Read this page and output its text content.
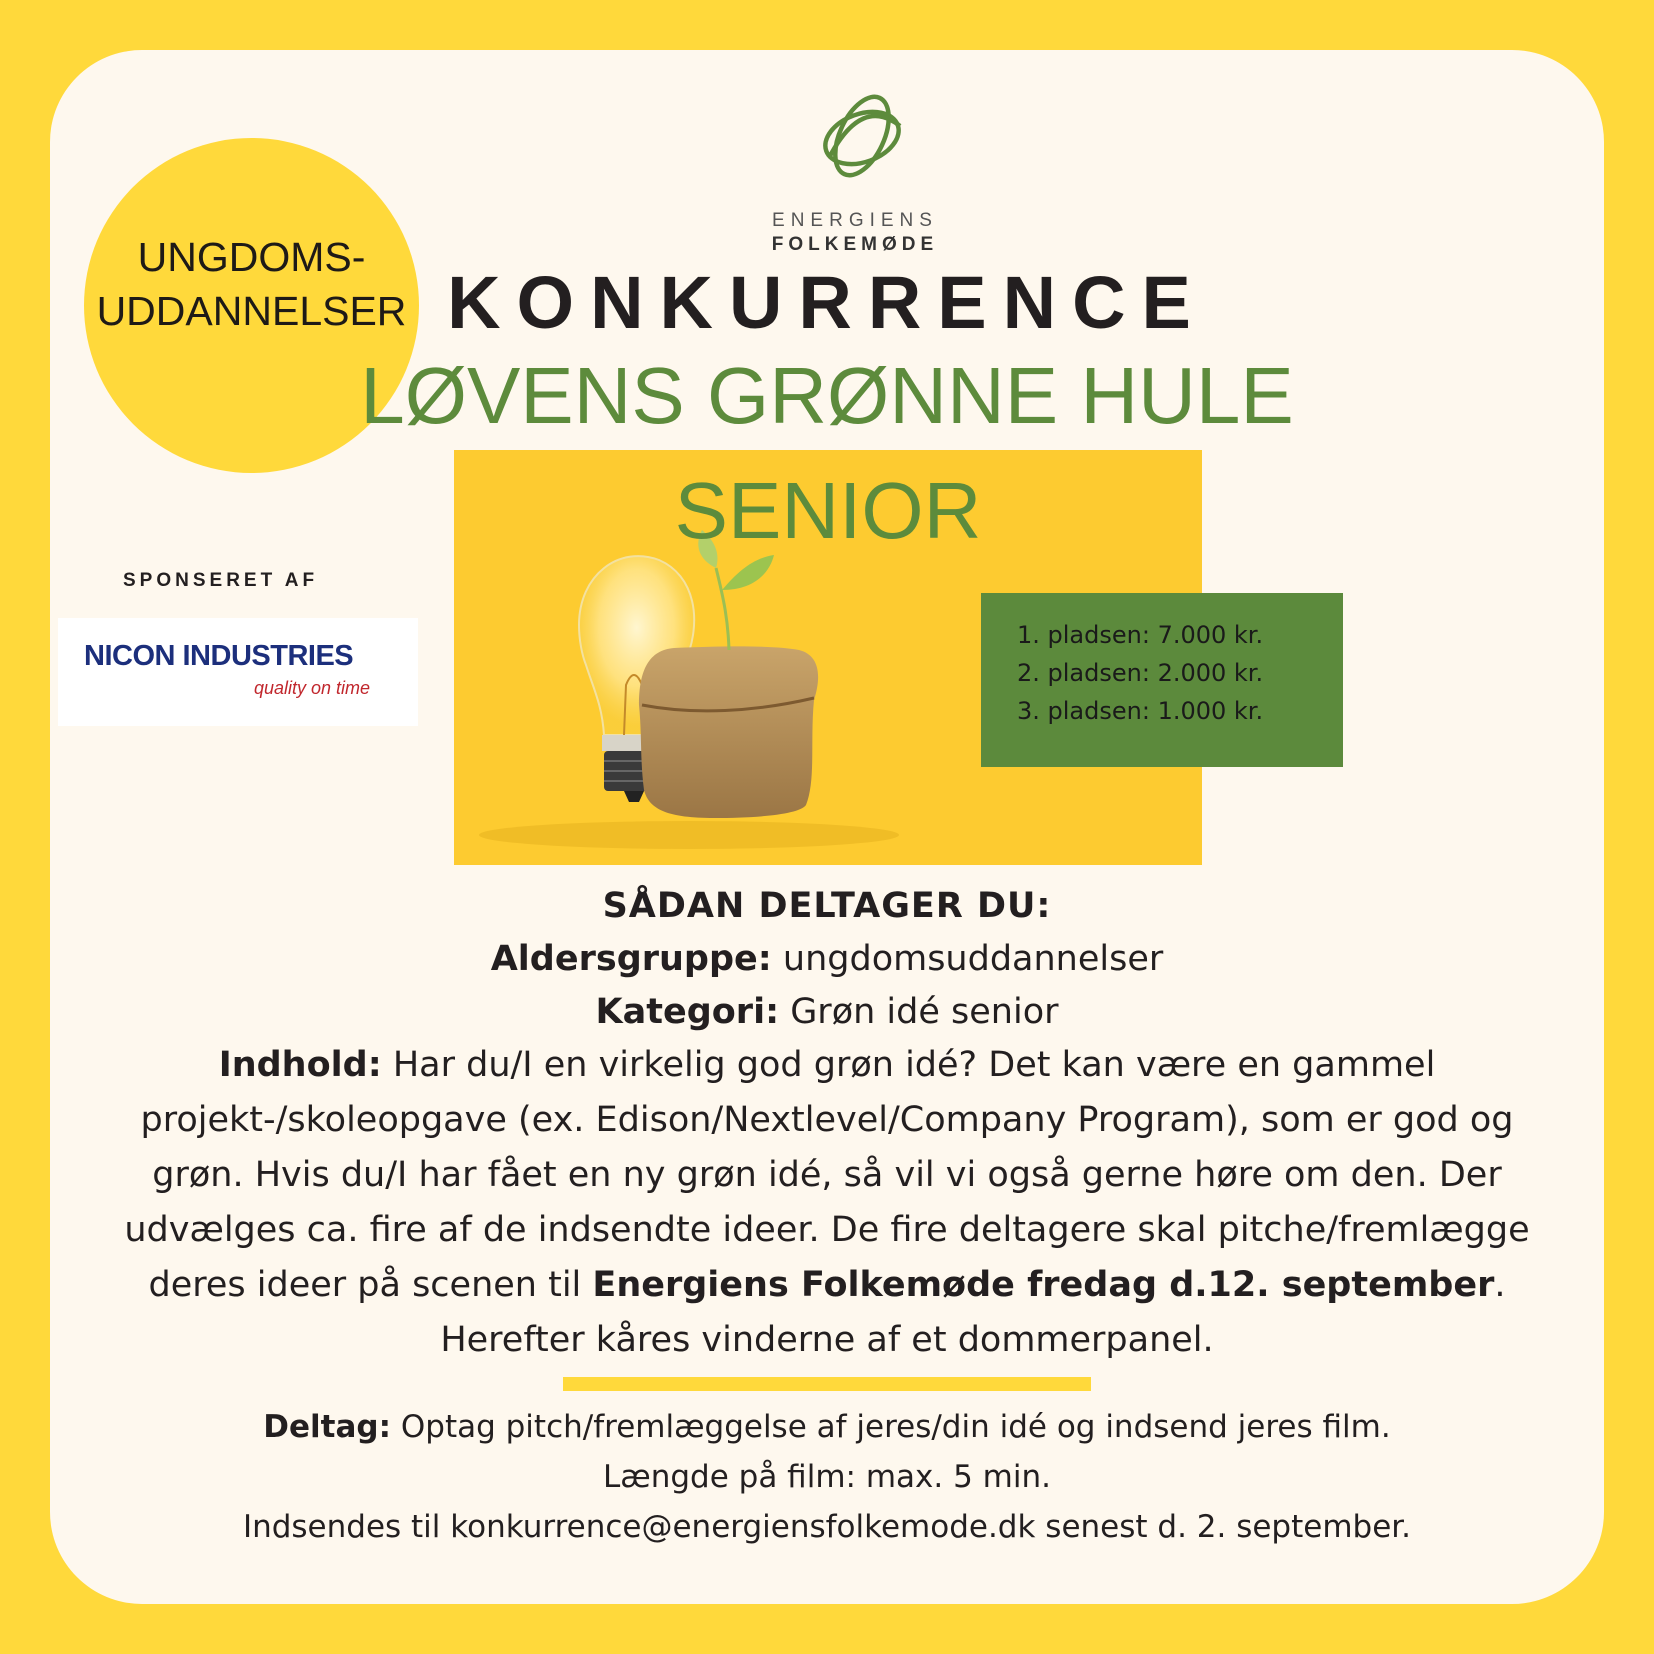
UNGDOMS-
UDDANNELSER
ENERGIENS
FOLKEMØDE
KONKURRENCE
LØVENS GRØNNE HULE
SPONSERET AF
NICON INDUSTRIES
quality on time
SENIOR
1. pladsen: 7.000 kr.
2. pladsen: 2.000 kr.
3. pladsen: 1.000 kr.
SÅDAN DELTAGER DU:
Aldersgruppe: ungdomsuddannelser
Kategori: Grøn idé senior
Indhold: Har du/I en virkelig god grøn idé? Det kan være en gammel projekt-/skoleopgave (ex. Edison/Nextlevel/Company Program), som er god og grøn. Hvis du/I har fået en ny grøn idé, så vil vi også gerne høre om den. Der udvælges ca. fire af de indsendte ideer. De fire deltagere skal pitche/fremlægge deres ideer på scenen til Energiens Folkemøde fredag d.12. september. Herefter kåres vinderne af et dommerpanel.
Deltag: Optag pitch/fremlæggelse af jeres/din idé og indsend jeres film.
Længde på film: max. 5 min.
Indsendes til konkurrence@energiensfolkemode.dk senest d. 2. september.
